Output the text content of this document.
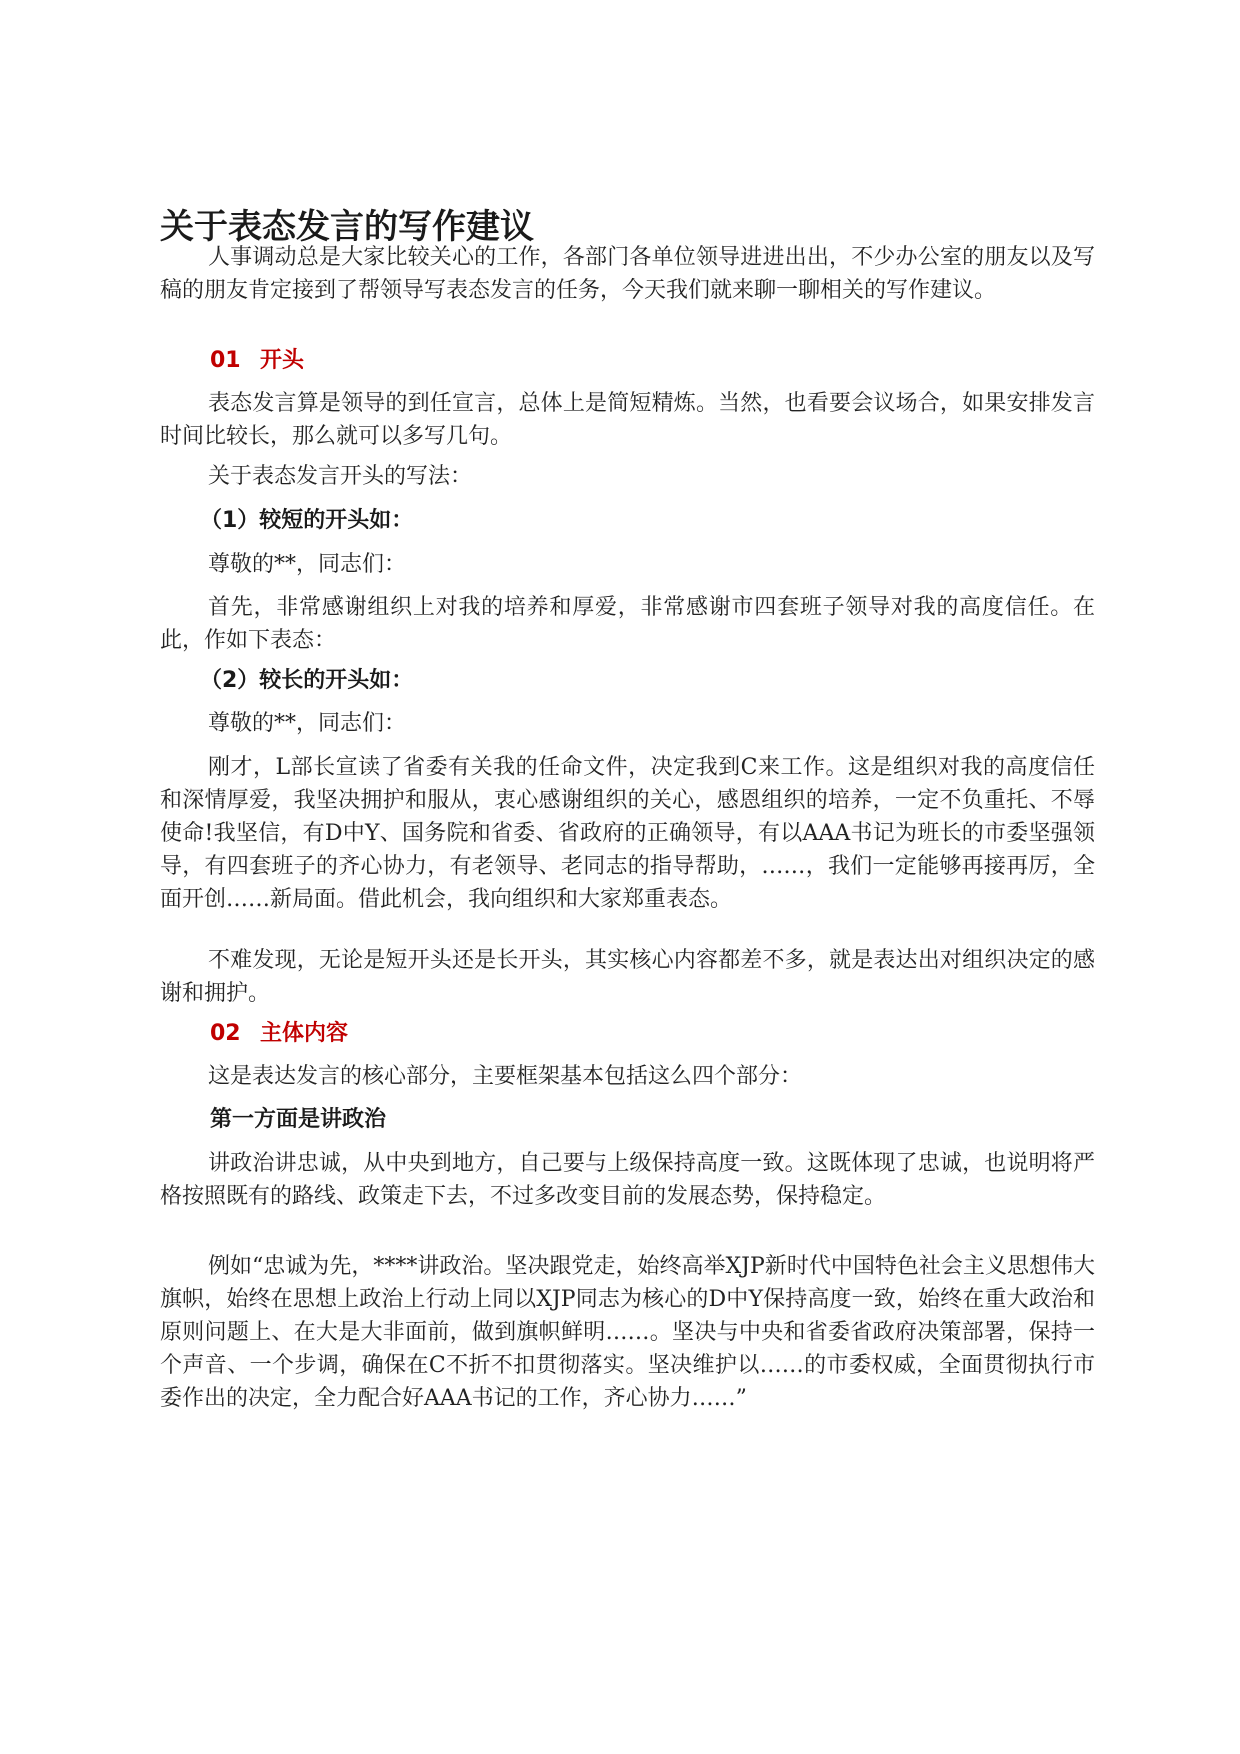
关于表态发言的写作建议

人事调动总是大家比较关心的工作，各部门各单位领导进进出出，不少办公室的朋友以及写稿的朋友肯定接到了帮领导写表态发言的任务，今天我们就来聊一聊相关的写作建议。

01 开头

表态发言算是领导的到任宣言，总体上是简短精炼。当然，也看要会议场合，如果安排发言时间比较长，那么就可以多写几句。

关于表态发言开头的写法：

（1）较短的开头如：

尊敬的**，同志们：

首先，非常感谢组织上对我的培养和厚爱，非常感谢市四套班子领导对我的高度信任。在此，作如下表态：

（2）较长的开头如：

尊敬的**，同志们：

刚才，L部长宣读了省委有关我的任命文件，决定我到C来工作。这是组织对我的高度信任和深情厚爱，我坚决拥护和服从，衷心感谢组织的关心，感恩组织的培养，一定不负重托、不辱使命!我坚信，有D中Y、国务院和省委、省政府的正确领导，有以AAA书记为班长的市委坚强领导，有四套班子的齐心协力，有老领导、老同志的指导帮助，……，我们一定能够再接再厉，全面开创……新局面。借此机会，我向组织和大家郑重表态。

不难发现，无论是短开头还是长开头，其实核心内容都差不多，就是表达出对组织决定的感谢和拥护。

02 主体内容

这是表达发言的核心部分，主要框架基本包括这么四个部分：

第一方面是讲政治

讲政治讲忠诚，从中央到地方，自己要与上级保持高度一致。这既体现了忠诚，也说明将严格按照既有的路线、政策走下去，不过多改变目前的发展态势，保持稳定。

例如“忠诚为先，****讲政治。坚决跟党走，始终高举XJP新时代中国特色社会主义思想伟大旗帜，始终在思想上政治上行动上同以XJP同志为核心的D中Y保持高度一致，始终在重大政治和原则问题上、在大是大非面前，做到旗帜鲜明……。坚决与中央和省委省政府决策部署，保持一个声音、一个步调，确保在C不折不扣贯彻落实。坚决维护以……的市委权威，全面贯彻执行市委作出的决定，全力配合好AAA书记的工作，齐心协力……”
